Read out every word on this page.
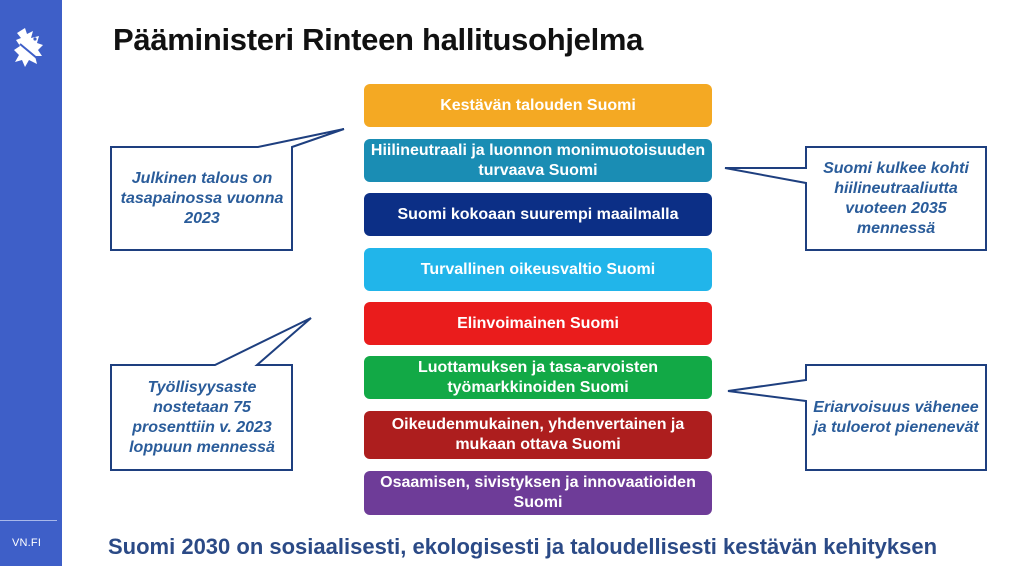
VN.FI
Pääministeri Rinteen hallitusohjelma
Kestävän talouden Suomi
Hiilineutraali ja luonnon monimuotoisuuden turvaava Suomi
Suomi kokoaan suurempi maailmalla
Turvallinen oikeusvaltio Suomi
Elinvoimainen Suomi
Luottamuksen ja tasa-arvoisten työmarkkinoiden Suomi
Oikeudenmukainen, yhdenvertainen ja mukaan ottava Suomi
Osaamisen, sivistyksen ja innovaatioiden Suomi
Julkinen talous on tasapainossa vuonna 2023
Suomi kulkee kohti hiilineutraaliutta vuoteen 2035 mennessä
Työllisyysaste nostetaan 75 prosenttiin v. 2023 loppuun mennessä
Eriarvoisuus vähenee ja tuloerot pienenevät
Suomi 2030 on sosiaalisesti, ekologisesti ja taloudellisesti kestävän kehityksen
